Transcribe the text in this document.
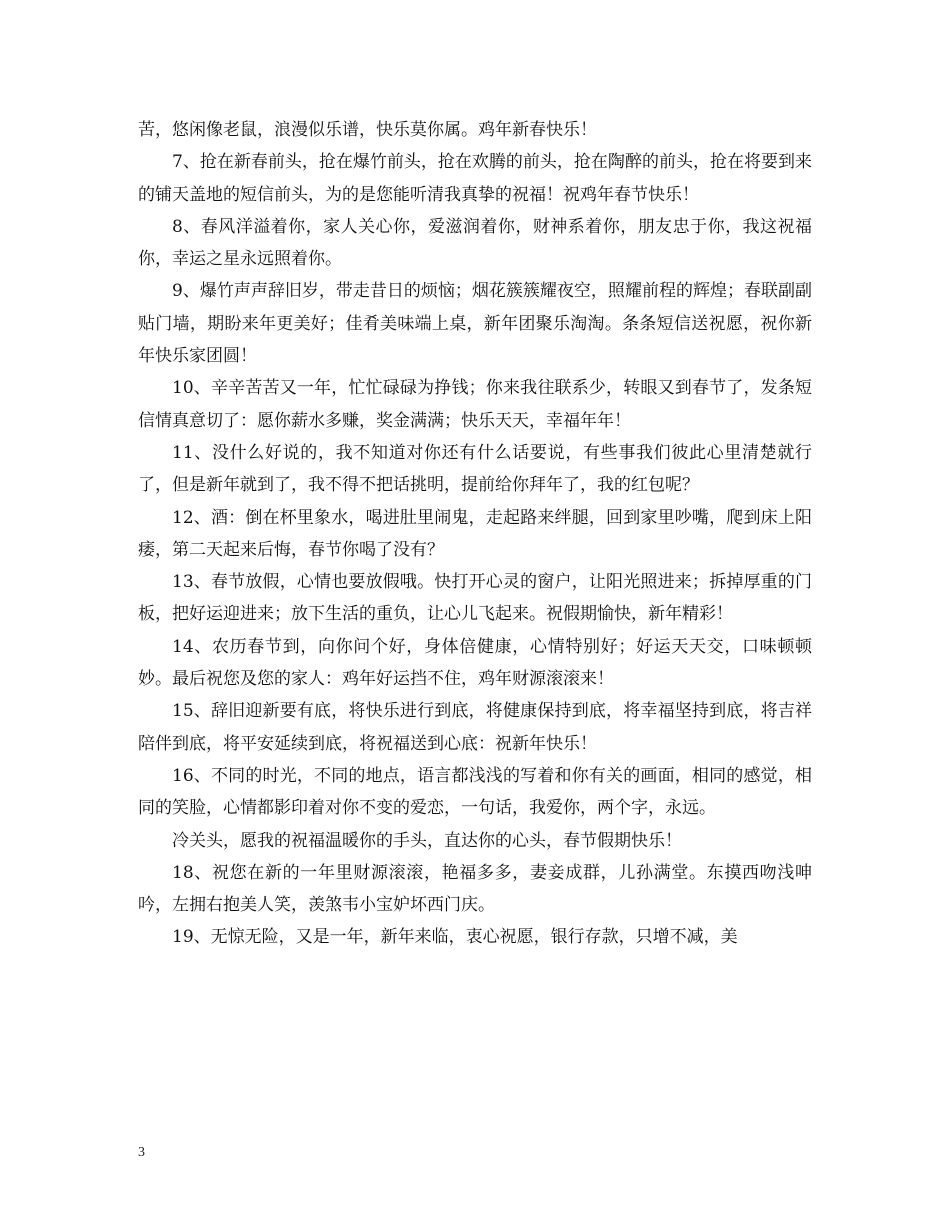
苦，悠闲像老鼠，浪漫似乐谱，快乐莫你属。鸡年新春快乐！

7、抢在新春前头，抢在爆竹前头，抢在欢腾的前头，抢在陶醉的前头，抢在将要到来的铺天盖地的短信前头，为的是您能听清我真挚的祝福！祝鸡年春节快乐！

8、春风洋溢着你，家人关心你，爱滋润着你，财神系着你，朋友忠于你，我这祝福你，幸运之星永远照着你。

9、爆竹声声辞旧岁，带走昔日的烦恼；烟花簇簇耀夜空，照耀前程的辉煌；春联副副贴门墙，期盼来年更美好；佳肴美味端上桌，新年团聚乐淘淘。条条短信送祝愿，祝你新年快乐家团圆！

10、辛辛苦苦又一年，忙忙碌碌为挣钱；你来我往联系少，转眼又到春节了，发条短信情真意切了：愿你薪水多赚，奖金满满；快乐天天，幸福年年！

11、没什么好说的，我不知道对你还有什么话要说，有些事我们彼此心里清楚就行了，但是新年就到了，我不得不把话挑明，提前给你拜年了，我的红包呢？

12、酒：倒在杯里象水，喝进肚里闹鬼，走起路来绊腿，回到家里吵嘴，爬到床上阳痿，第二天起来后悔，春节你喝了没有？

13、春节放假，心情也要放假哦。快打开心灵的窗户，让阳光照进来；拆掉厚重的门板，把好运迎进来；放下生活的重负，让心儿飞起来。祝假期愉快，新年精彩！

14、农历春节到，向你问个好，身体倍健康，心情特别好；好运天天交，口味顿顿妙。最后祝您及您的家人：鸡年好运挡不住，鸡年财源滚滚来！

15、辞旧迎新要有底，将快乐进行到底，将健康保持到底，将幸福坚持到底，将吉祥陪伴到底，将平安延续到底，将祝福送到心底：祝新年快乐！

16、不同的时光，不同的地点，语言都浅浅的写着和你有关的画面，相同的感觉，相同的笑脸，心情都影印着对你不变的爱恋，一句话，我爱你，两个字，永远。

冷关头，愿我的祝福温暖你的手头，直达你的心头，春节假期快乐！

18、祝您在新的一年里财源滚滚，艳福多多，妻妾成群，儿孙满堂。东摸西吻浅呻吟，左拥右抱美人笑，羡煞韦小宝妒坏西门庆。

19、无惊无险，又是一年，新年来临，衷心祝愿，银行存款，只增不减，美

3
